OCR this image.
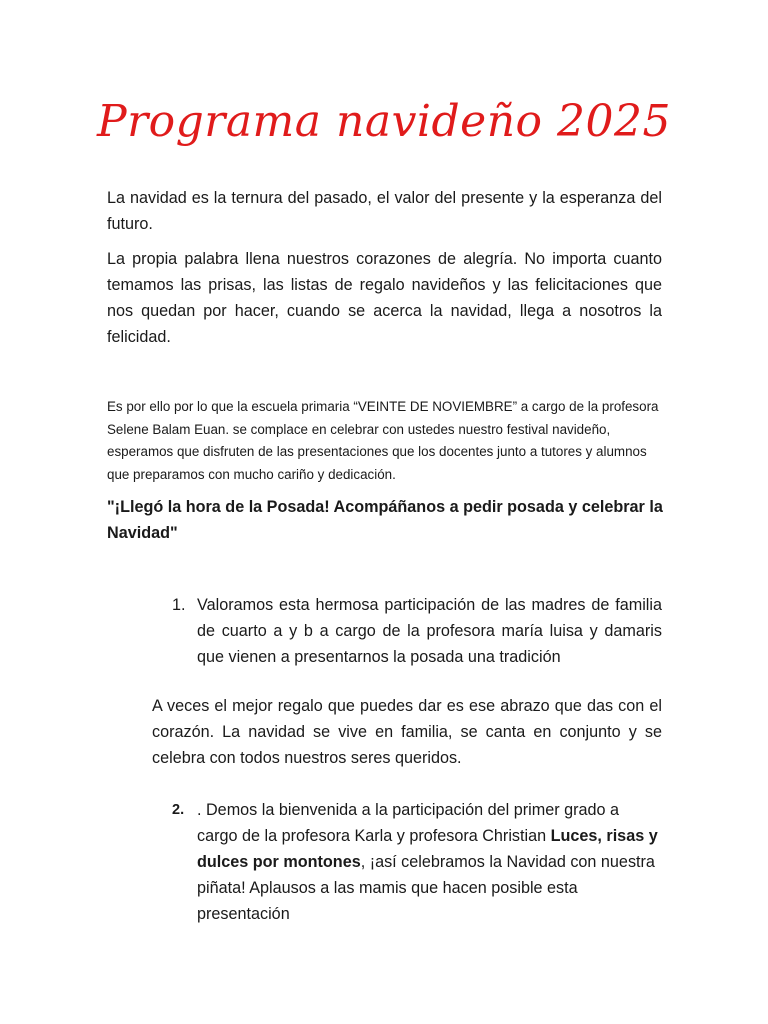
Programa navideño 2025

La navidad es la ternura del pasado, el valor del presente y la esperanza del futuro.

La propia palabra llena nuestros corazones de alegría. No importa cuanto temamos las prisas, las listas de regalo navideños y las felicitaciones que nos quedan por hacer, cuando se acerca la navidad, llega a nosotros la felicidad.

Es por ello por lo que la escuela primaria “VEINTE DE NOVIEMBRE” a cargo de la profesora Selene Balam Euan. se complace en celebrar con ustedes nuestro festival navideño, esperamos que disfruten de las presentaciones que los docentes junto a tutores y alumnos que preparamos con mucho cariño y dedicación.

"¡Llegó la hora de la Posada! Acompáñanos a pedir posada y celebrar la Navidad"

1. Valoramos esta hermosa participación de las madres de familia de cuarto a y b a cargo de la profesora maría luisa y damaris que vienen a presentarnos la posada una tradición

A veces el mejor regalo que puedes dar es ese abrazo que das con el corazón. La navidad se vive en familia, se canta en conjunto y se celebra con todos nuestros seres queridos.

2. . Demos la bienvenida a la participación del primer grado a cargo de la profesora Karla y profesora Christian Luces, risas y dulces por montones, ¡así celebramos la Navidad con nuestra piñata! Aplausos a las mamis que hacen posible esta presentación
